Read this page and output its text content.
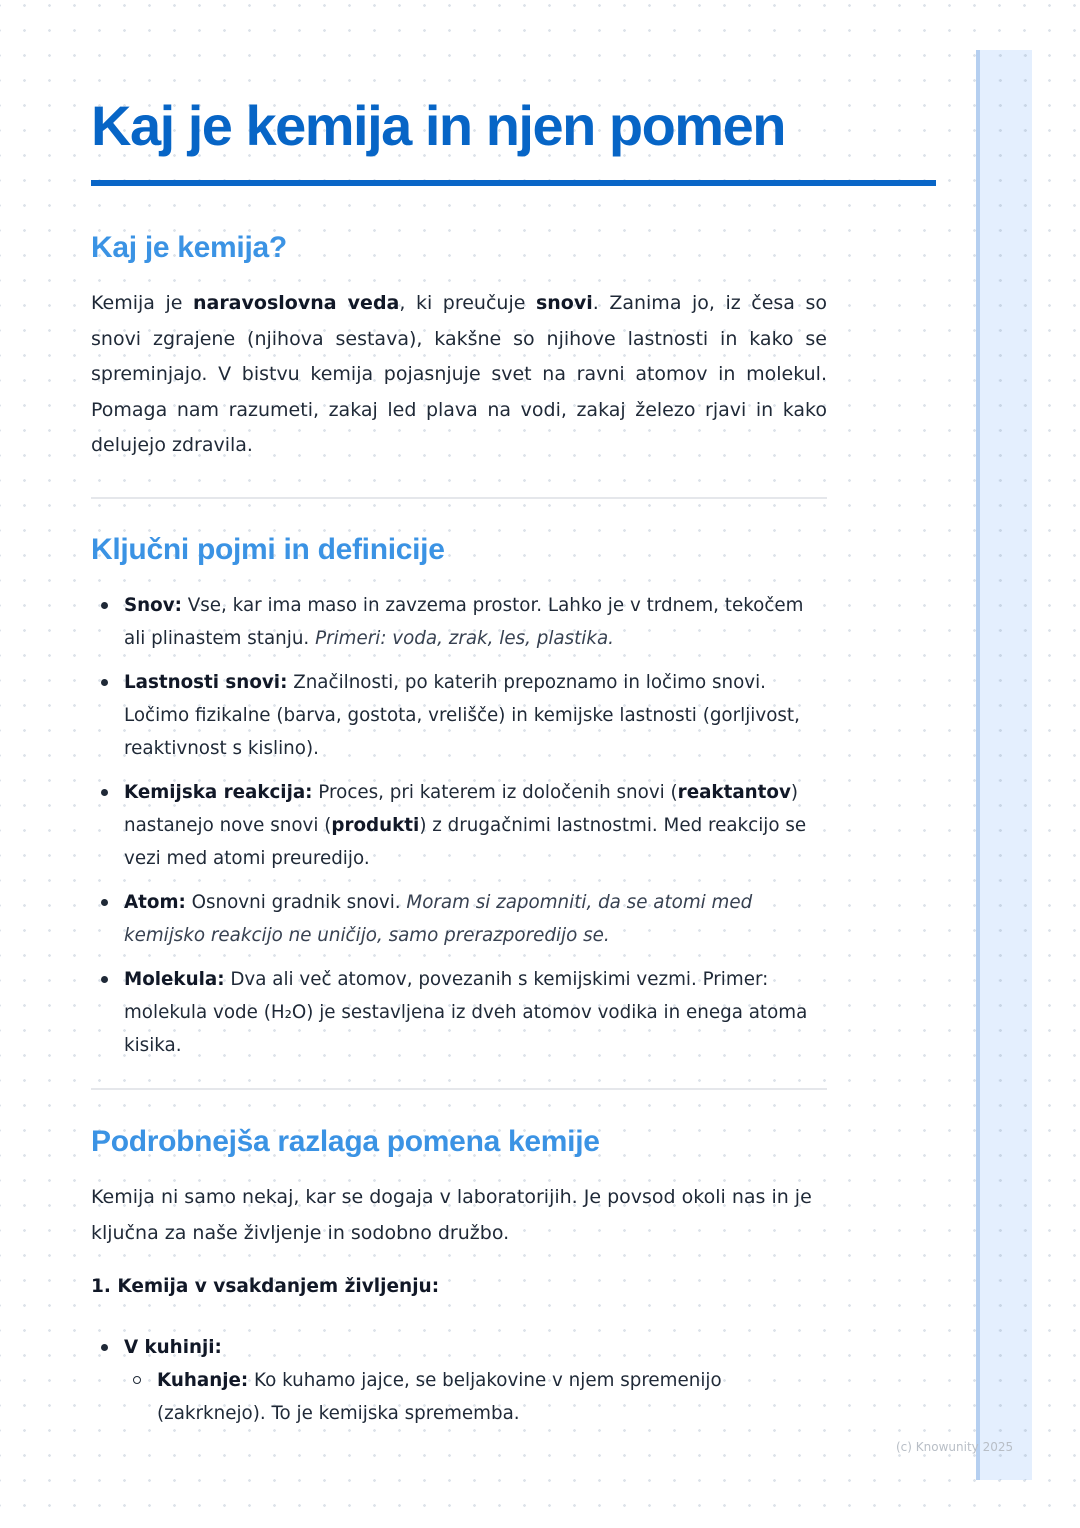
Kaj je kemija in njen pomen
Kaj je kemija?

Kemija je naravoslovna veda, ki preučuje snovi. Zanima jo, iz česa so snovi zgrajene (njihova sestava), kakšne so njihove lastnosti in kako se spreminjajo. V bistvu kemija pojasnjuje svet na ravni atomov in molekul. Pomaga nam razumeti, zakaj led plava na vodi, zakaj železo rjavi in kako delujejo zdravila.

Ključni pojmi in definicije
Snov: Vse, kar ima maso in zavzema prostor. Lahko je v trdnem, tekočem ali plinastem stanju. Primeri: voda, zrak, les, plastika.
Lastnosti snovi: Značilnosti, po katerih prepoznamo in ločimo snovi. Ločimo fizikalne (barva, gostota, vrelišče) in kemijske lastnosti (gorljivost, reaktivnost s kislino).
Kemijska reakcija: Proces, pri katerem iz določenih snovi (reaktantov) nastanejo nove snovi (produkti) z drugačnimi lastnostmi. Med reakcijo se vezi med atomi preuredijo.
Atom: Osnovni gradnik snovi. Moram si zapomniti, da se atomi med kemijsko reakcijo ne uničijo, samo prerazporedijo se.
Molekula: Dva ali več atomov, povezanih s kemijskimi vezmi. Primer: molekula vode (H₂O) je sestavljena iz dveh atomov vodika in enega atoma kisika.
Podrobnejša razlaga pomena kemije

Kemija ni samo nekaj, kar se dogaja v laboratorijih. Je povsod okoli nas in je ključna za naše življenje in sodobno družbo.

1. Kemija v vsakdanjem življenju:

V kuhinji:
Kuhanje: Ko kuhamo jajce, se beljakovine v njem spremenijo (zakrknejo). To je kemijska sprememba.

(c) Knowunity 2025
